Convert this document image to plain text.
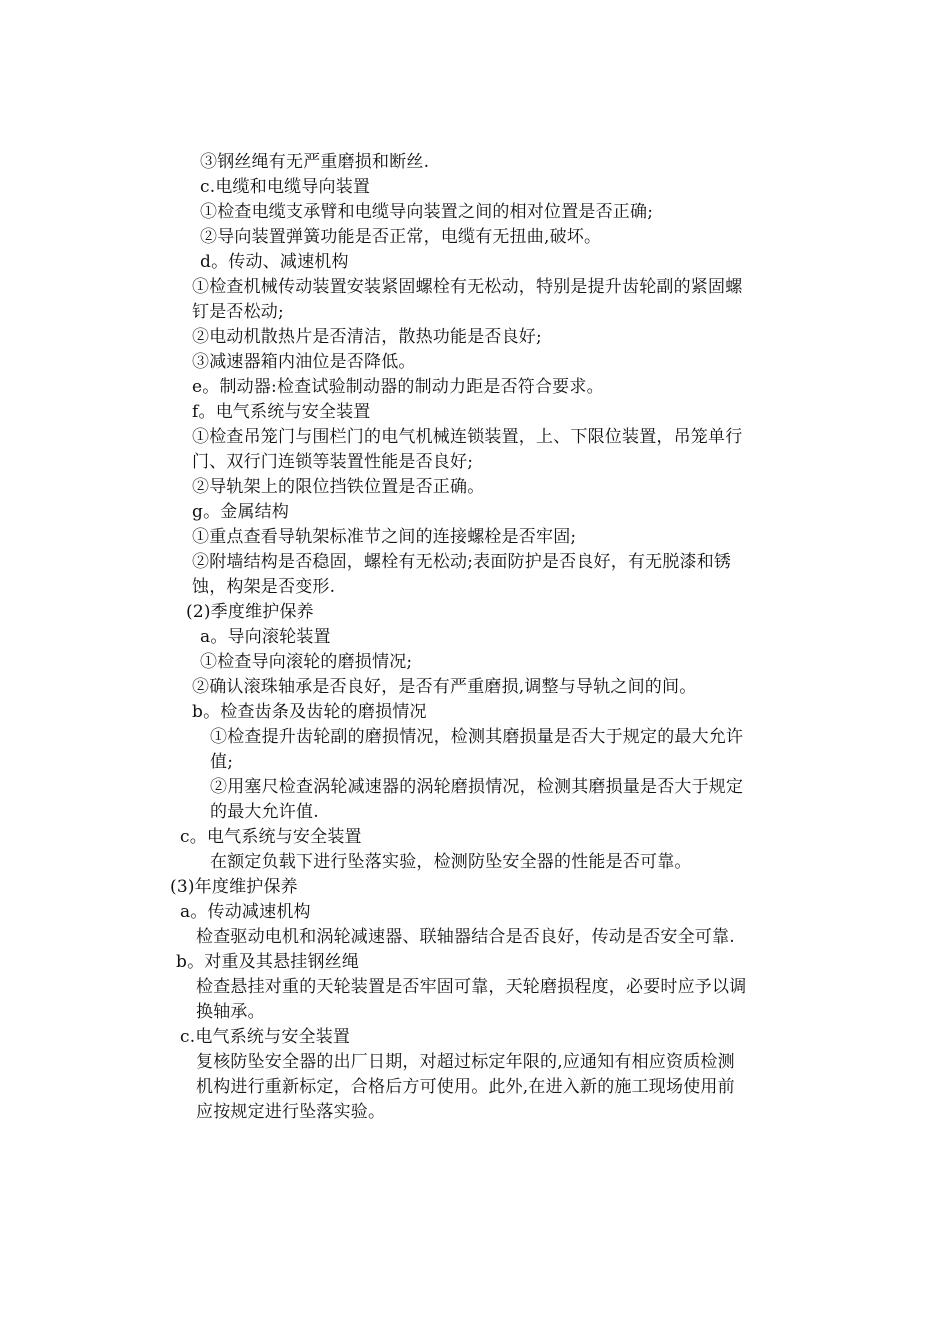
③钢丝绳有无严重磨损和断丝.
c.电缆和电缆导向装置
①检查电缆支承臂和电缆导向装置之间的相对位置是否正确;
②导向装置弹簧功能是否正常，电缆有无扭曲,破坏。
d。传动、减速机构
①检查机械传动装置安装紧固螺栓有无松动，特别是提升齿轮副的紧固螺
钉是否松动;
②电动机散热片是否清洁，散热功能是否良好;
③减速器箱内油位是否降低。
e。制动器:检查试验制动器的制动力距是否符合要求。
f。电气系统与安全装置
①检查吊笼门与围栏门的电气机械连锁装置，上、下限位装置，吊笼单行
门、双行门连锁等装置性能是否良好;
②导轨架上的限位挡铁位置是否正确。
g。金属结构
①重点查看导轨架标准节之间的连接螺栓是否牢固;
②附墙结构是否稳固，螺栓有无松动;表面防护是否良好，有无脱漆和锈
蚀，构架是否变形.
(2)季度维护保养
a。导向滚轮装置
①检查导向滚轮的磨损情况;
②确认滚珠轴承是否良好，是否有严重磨损,调整与导轨之间的间。
b。检查齿条及齿轮的磨损情况
①检查提升齿轮副的磨损情况，检测其磨损量是否大于规定的最大允许
值;
②用塞尺检查涡轮减速器的涡轮磨损情况，检测其磨损量是否大于规定
的最大允许值.
c。电气系统与安全装置
在额定负载下进行坠落实验，检测防坠安全器的性能是否可靠。
(3)年度维护保养
a。传动减速机构
检查驱动电机和涡轮减速器、联轴器结合是否良好，传动是否安全可靠.
b。对重及其悬挂钢丝绳
检查悬挂对重的天轮装置是否牢固可靠，天轮磨损程度，必要时应予以调
换轴承。
c.电气系统与安全装置
复核防坠安全器的出厂日期，对超过标定年限的,应通知有相应资质检测
机构进行重新标定，合格后方可使用。此外,在进入新的施工现场使用前
应按规定进行坠落实验。
